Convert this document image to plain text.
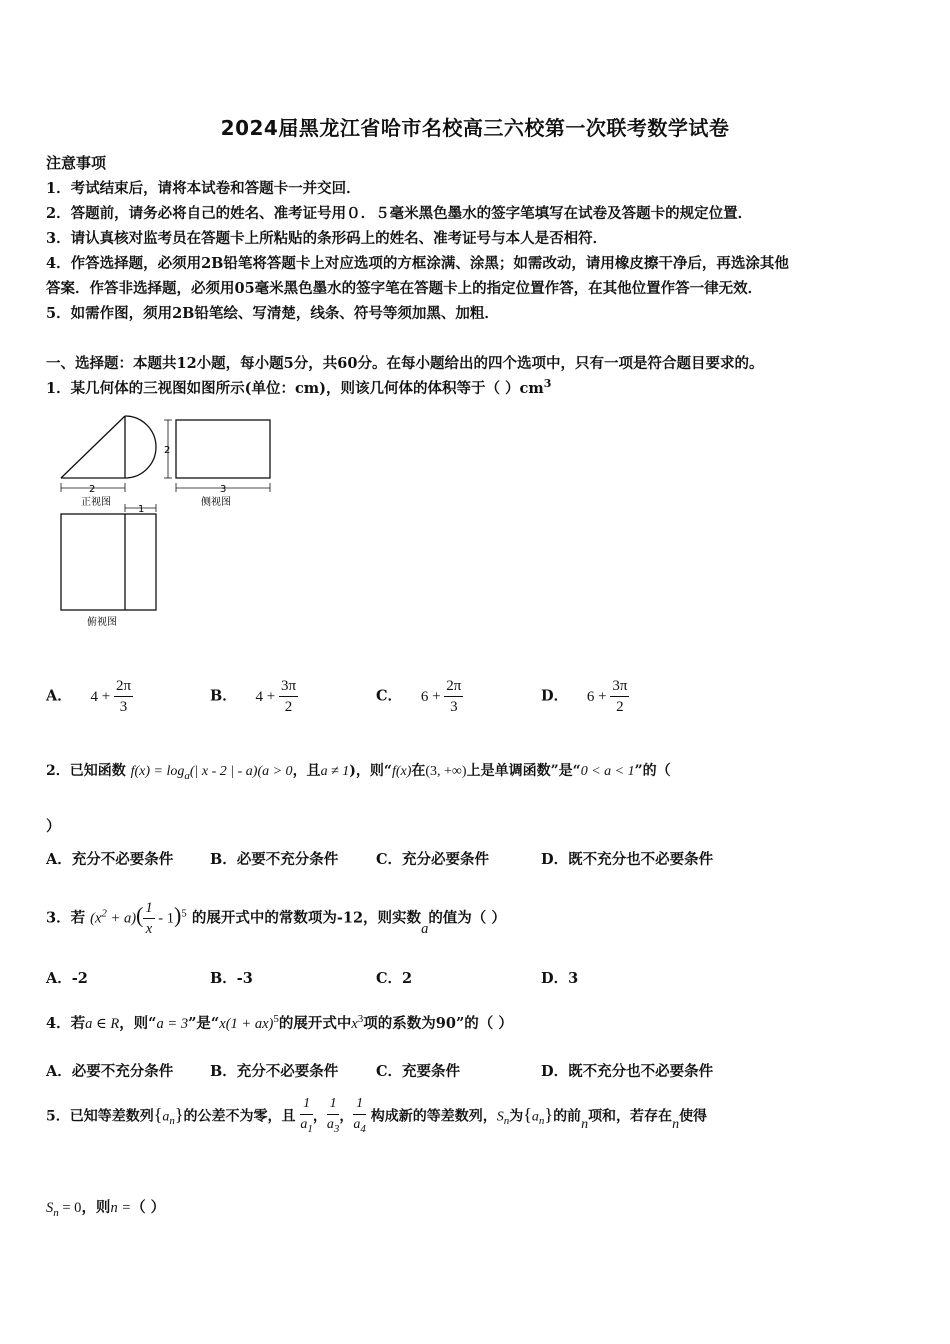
2024届黑龙江省哈市名校高三六校第一次联考数学试卷
注意事项
1．考试结束后，请将本试卷和答题卡一并交回．
2．答题前，请务必将自己的姓名、准考证号用０．５毫米黑色墨水的签字笔填写在试卷及答题卡的规定位置．
3．请认真核对监考员在答题卡上所粘贴的条形码上的姓名、准考证号与本人是否相符．
4．作答选择题，必须用2B铅笔将答题卡上对应选项的方框涂满、涂黑；如需改动，请用橡皮擦干净后，再选涂其他
答案．作答非选择题，必须用05毫米黑色墨水的签字笔在答题卡上的指定位置作答，在其他位置作答一律无效．
5．如需作图，须用2B铅笔绘、写清楚，线条、符号等须加黑、加粗．
一、选择题：本题共12小题，每小题5分，共60分。在每小题给出的四个选项中，只有一项是符合题目要求的。
1．某几何体的三视图如图所示(单位：cm)，则该几何体的体积等于（ ）$cm^3$
2
正视图
2
3
侧视图
1
俯视图
A． $4 + \frac{2\pi}{3}$	B． $4 + \frac{3\pi}{2}$	C． $6 + \frac{2\pi}{3}$	D． $6 + \frac{3\pi}{2}$
2．已知函数 $f(x) = \log_a(|$ x - 2 | - a)(a > 0，且a ≠ 1)，则“f(x)在(3, +∞)上是单调函数”是“0 < a < 1”的（
）
A．充分不必要条件	B．必要不充分条件	C．充分必要条件	D．既不充分也不必要条件
3．若 $(x^2 + a)( \frac{1}{x} - 1)^5$ 的展开式中的常数项为-12，则实数a的值为（ ）
A．-2	B．-3	C．2	D．3
4．若a ∈ R，则“a = 3”是“x(1 + ax)$^5$的展开式中$x^3$项的系数为90”的（ ）
A．必要不充分条件	B．充分不必要条件	C．充要条件	D．既不充分也不必要条件
5．已知等差数列$\{a_n\}$的公差不为零，且 $\frac{1}{a_1}$ ， $\frac{1}{a_3}$ ， $\frac{1}{a_4}$ 构成新的等差数列，$S_n$为$\{a_n\}$的前n项和，若存在n使得
$S_n = 0$，则n =（ ）
